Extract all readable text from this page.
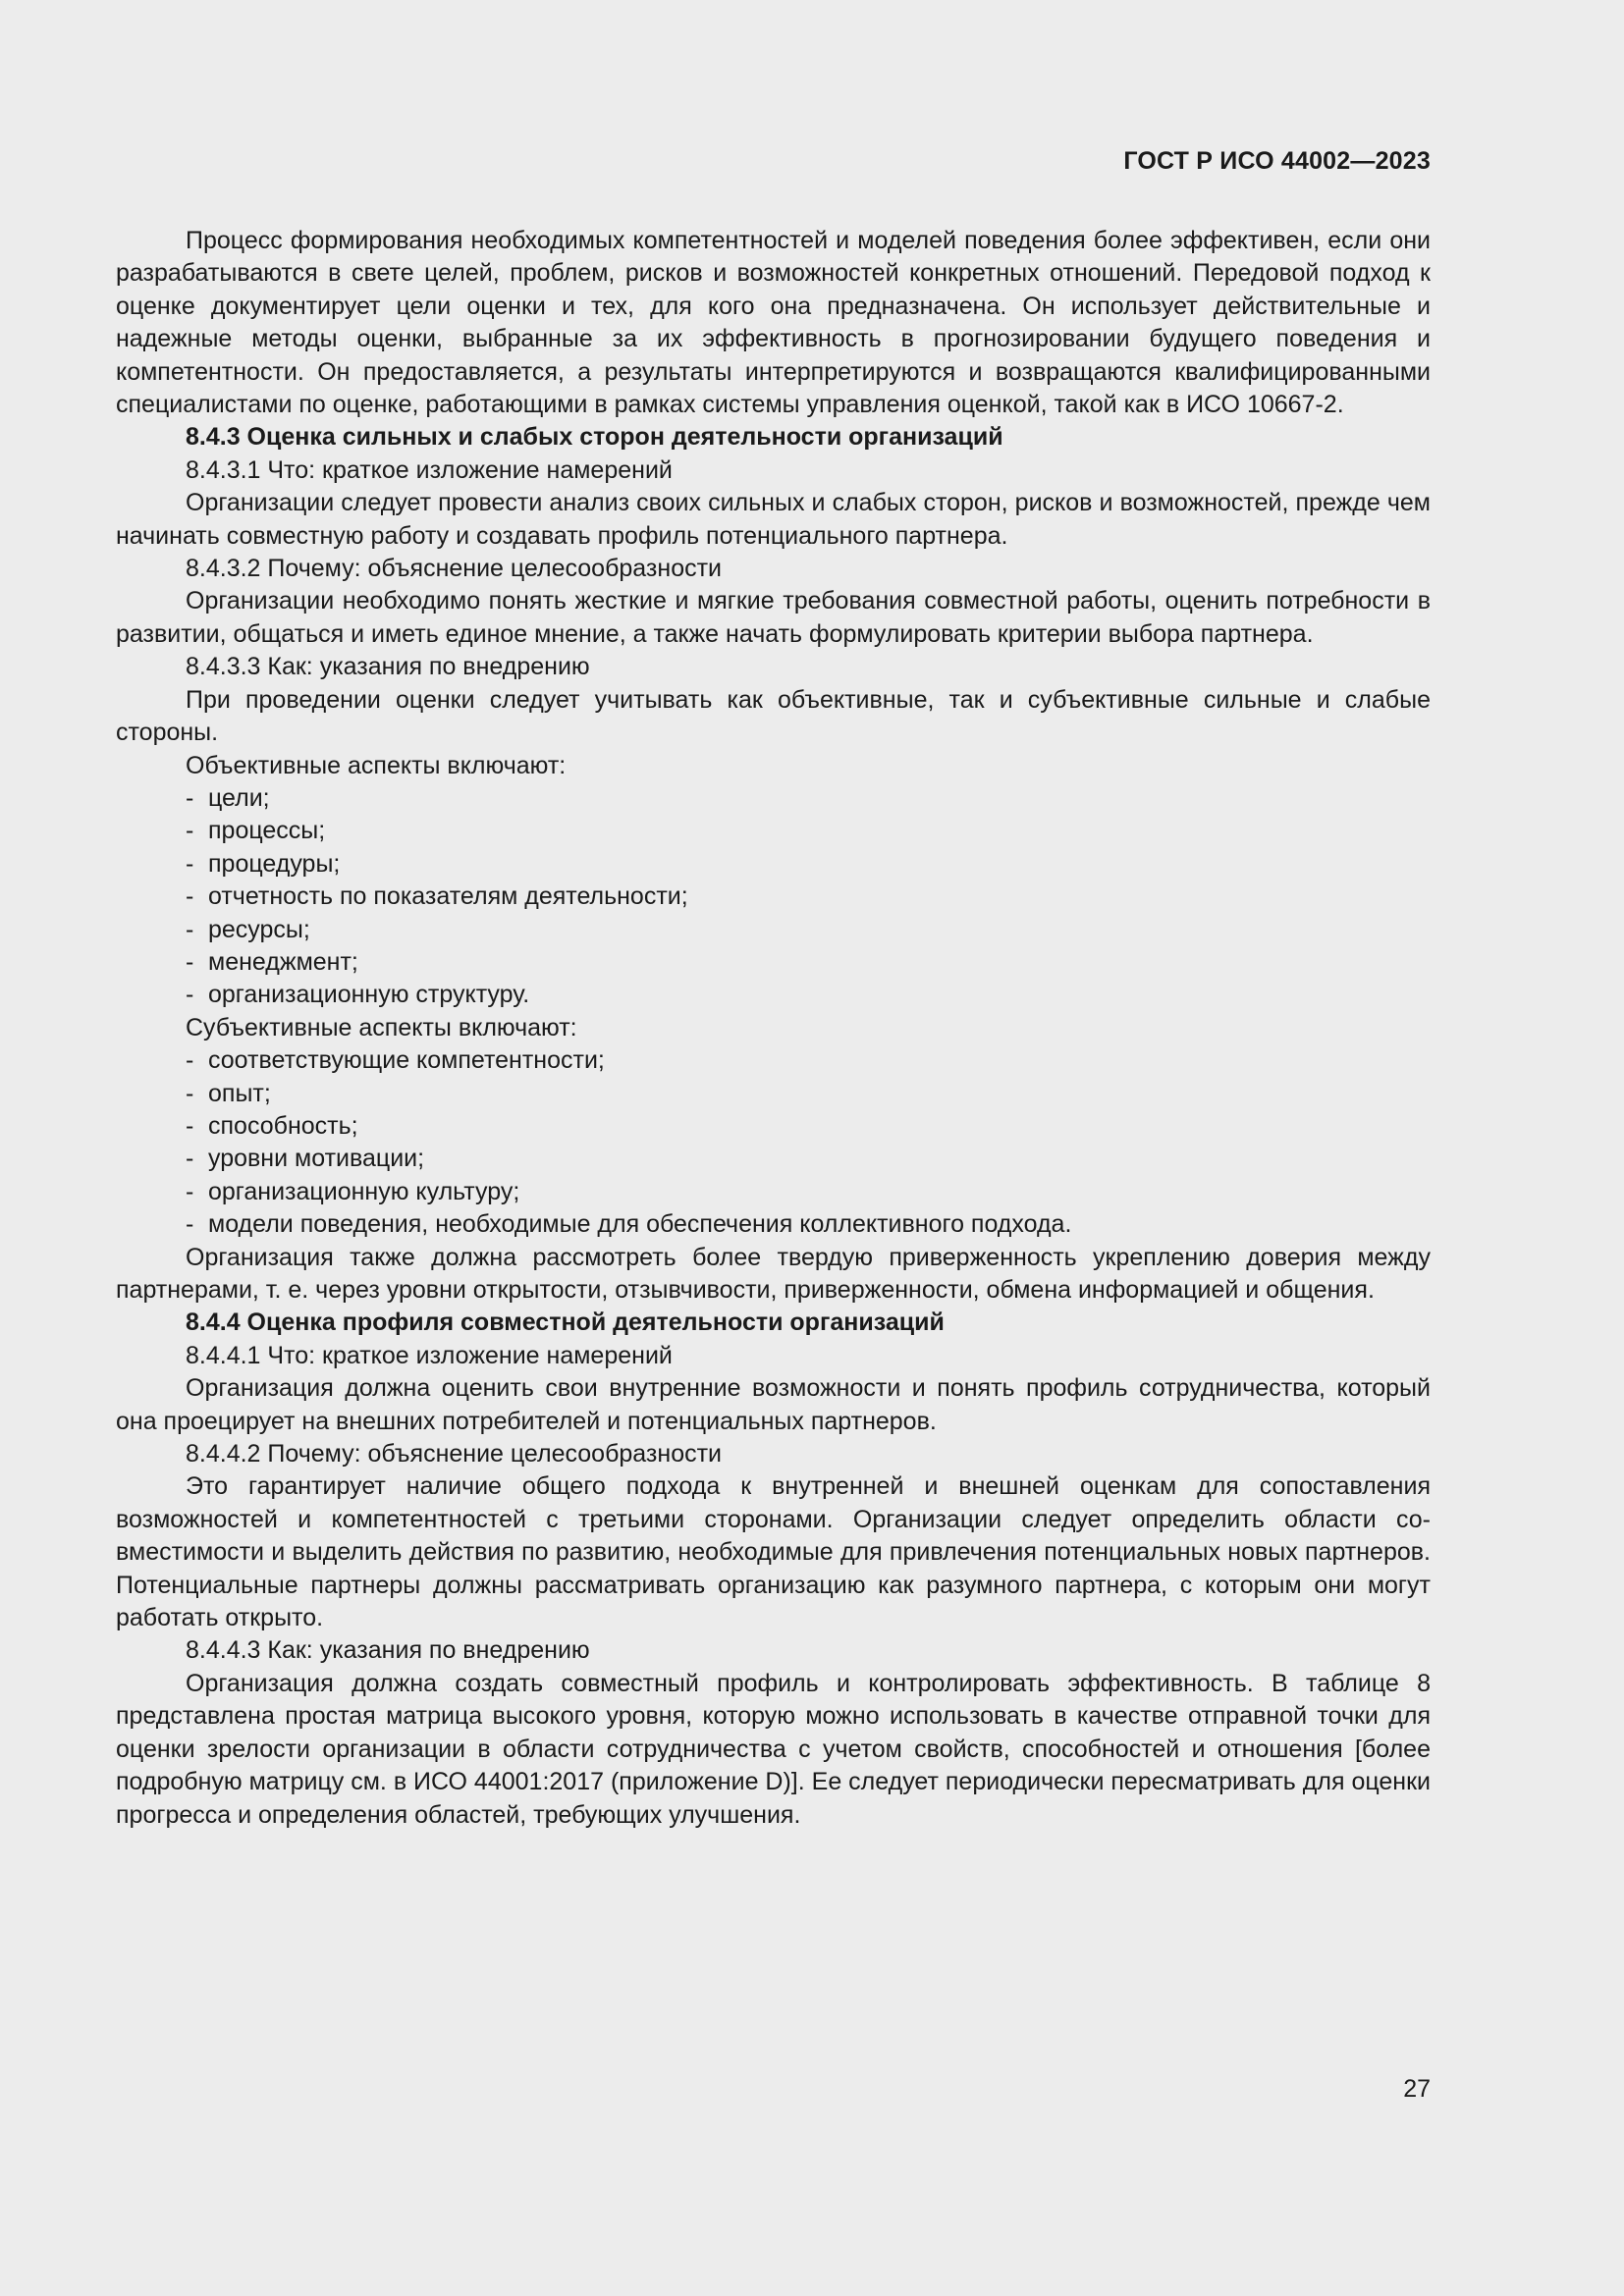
ГОСТ Р ИСО 44002—2023

Процесс формирования необходимых компетентностей и моделей поведения более эффективен, если они разрабатываются в свете целей, проблем, рисков и возможностей конкретных отношений. Передовой подход к оценке документирует цели оценки и тех, для кого она предназначена. Он использует действительные и надежные методы оценки, выбранные за их эффективность в прогнозировании будущего поведения и компетентности. Он предоставляется, а результаты интерпретируются и возвращаются квалифицированными специалистами по оценке, работающими в рамках системы управления оценкой, такой как в ИСО 10667-2.

8.4.3 Оценка сильных и слабых сторон деятельности организаций

8.4.3.1 Что: краткое изложение намерений

Организации следует провести анализ своих сильных и слабых сторон, рисков и возможностей, прежде чем начинать совместную работу и создавать профиль потенциального партнера.

8.4.3.2 Почему: объяснение целесообразности

Организации необходимо понять жесткие и мягкие требования совместной работы, оценить потребности в развитии, общаться и иметь единое мнение, а также начать формулировать критерии выбора партнера.

8.4.3.3 Как: указания по внедрению

При проведении оценки следует учитывать как объективные, так и субъективные сильные и слабые стороны.

Объективные аспекты включают:

- цели;

- процессы;

- процедуры;

- отчетность по показателям деятельности;

- ресурсы;

- менеджмент;

- организационную структуру.

Субъективные аспекты включают:

- соответствующие компетентности;

- опыт;

- способность;

- уровни мотивации;

- организационную культуру;

- модели поведения, необходимые для обеспечения коллективного подхода.

Организация также должна рассмотреть более твердую приверженность укреплению доверия между партнерами, т. е. через уровни открытости, отзывчивости, приверженности, обмена информацией и общения.

8.4.4 Оценка профиля совместной деятельности организаций

8.4.4.1 Что: краткое изложение намерений

Организация должна оценить свои внутренние возможности и понять профиль сотрудничества, который она проецирует на внешних потребителей и потенциальных партнеров.

8.4.4.2 Почему: объяснение целесообразности

Это гарантирует наличие общего подхода к внутренней и внешней оценкам для сопоставления возможностей и компетентностей с третьими сторонами. Организации следует определить области совместимости и выделить действия по развитию, необходимые для привлечения потенциальных новых партнеров. Потенциальные партнеры должны рассматривать организацию как разумного партнера, с которым они могут работать открыто.

8.4.4.3 Как: указания по внедрению

Организация должна создать совместный профиль и контролировать эффективность. В таблице 8 представлена простая матрица высокого уровня, которую можно использовать в качестве отправной точки для оценки зрелости организации в области сотрудничества с учетом свойств, способностей и отношения [более подробную матрицу см. в ИСО 44001:2017 (приложение D)]. Ее следует периодически пересматривать для оценки прогресса и определения областей, требующих улучшения.

27
